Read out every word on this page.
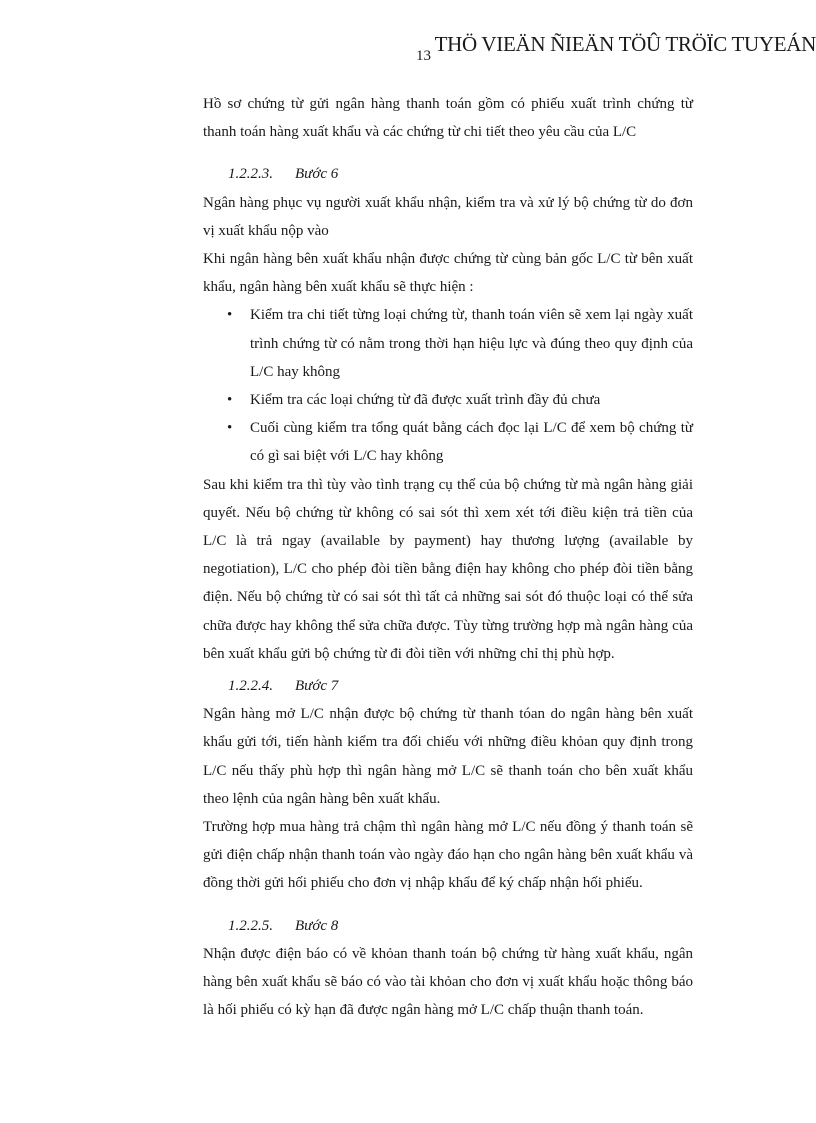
13 THÖ VIEÄN ÑIEÄN TÖÛ TRÖÏC TUYEÁN

Hồ sơ chứng từ gửi ngân hàng thanh toán gồm có phiếu xuất trình chứng từ thanh toán hàng xuất khẩu và các chứng từ chi tiết theo yêu cầu của L/C

1.2.2.3.	Bước 6

Ngân hàng phục vụ người xuất khẩu nhận, kiểm tra và xử lý bộ chứng từ do đơn vị xuất khẩu nộp vào

Khi ngân hàng bên xuất khẩu nhận được chứng từ cùng bản gốc L/C từ bên xuất khẩu, ngân hàng bên xuất khẩu sẽ thực hiện :

• Kiểm tra chi tiết từng loại chứng từ, thanh toán viên sẽ xem lại ngày xuất trình chứng từ có nằm trong thời hạn hiệu lực và đúng theo quy định của L/C hay không
• Kiểm tra các loại chứng từ đã được xuất trình đầy đủ chưa
• Cuối cùng kiểm tra tổng quát bằng cách đọc lại L/C để xem bộ chứng từ có gì sai biệt với L/C hay không

Sau khi kiểm tra thì tùy vào tình trạng cụ thể của bộ chứng từ mà ngân hàng giải quyết. Nếu bộ chứng từ không có sai sót thì xem xét tới điều kiện trả tiền của L/C là trả ngay (available by payment) hay thương lượng (available by negotiation), L/C cho phép đòi tiền bằng điện hay không cho phép đòi tiền bằng điện. Nếu bộ chứng từ có sai sót thì tất cả những sai sót đó thuộc loại có thể sửa chữa được hay không thể sửa chữa được. Tùy từng trường hợp mà ngân hàng của bên xuất khẩu gửi bộ chứng từ đi đòi tiền với những chỉ thị phù hợp.

1.2.2.4.	Bước 7

Ngân hàng mở L/C nhận được bộ chứng từ thanh tóan do ngân hàng bên xuất khẩu gửi tới, tiến hành kiểm tra đối chiếu với những điều khỏan quy định trong L/C nếu thấy phù hợp thì ngân hàng mở L/C sẽ thanh toán cho bên xuất khẩu theo lệnh của ngân hàng bên xuất khẩu.

Trường hợp mua hàng trả chậm thì ngân hàng mở L/C nếu đồng ý thanh toán sẽ gửi điện chấp nhận thanh toán vào ngày đáo hạn cho ngân hàng bên xuất khẩu và đồng thời gửi hối phiếu cho đơn vị nhập khẩu để ký chấp nhận hối phiếu.

1.2.2.5.	Bước 8

Nhận được điện báo có về khỏan thanh toán bộ chứng từ hàng xuất khẩu, ngân hàng bên xuất khẩu sẽ báo có vào tài khỏan cho đơn vị xuất khẩu hoặc thông báo là hối phiếu có kỳ hạn đã được ngân hàng mở L/C chấp thuận thanh toán.
